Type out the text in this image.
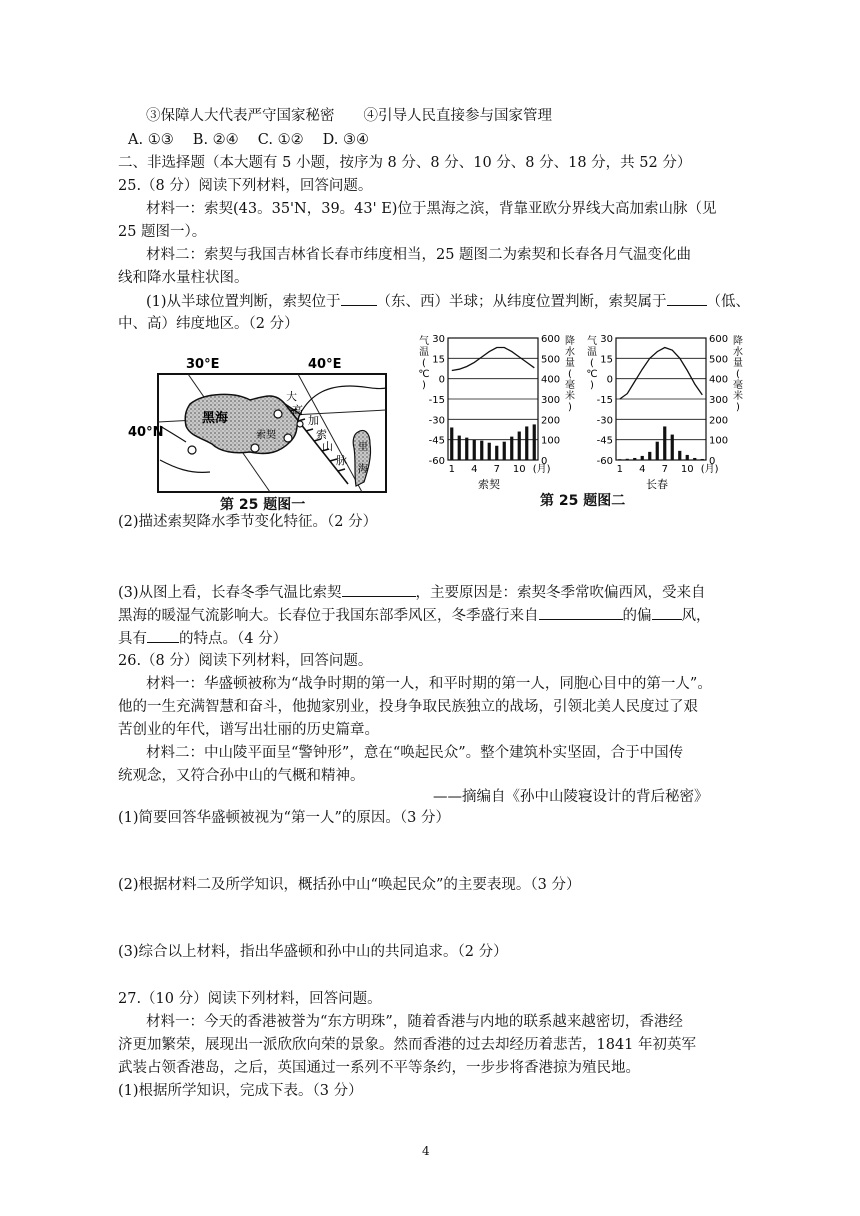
③保障人大代表严守国家秘密　　④引导人民直接参与国家管理
A. ①③　 B. ②④　 C. ①②　 D. ③④
二、非选择题（本大题有 5 小题，按序为 8 分、8 分、10 分、8 分、18 分，共 52 分）
25.（8 分）阅读下列材料，回答问题。
材料一：索契(43。35'N，39。43' E)位于黑海之滨，背靠亚欧分界线大高加索山脉（见
25 题图一）。
材料二：索契与我国吉林省长春市纬度相当，25 题图二为索契和长春各月气温变化曲
线和降水量柱状图。
(1)从半球位置判断，索契位于 （东、西）半球；从纬度位置判断，索契属于	（低、
中、高）纬度地区。（2 分）
30°E	40°E
40°N
黑海
索契
大
高
加
索
山
脉
里
海
第 25 题图一
30
15
0
-15
-30
-45
-60
600
500
400
300
200
100
0
气
温
(
℃
)
降
水
量
(
毫
米
)
1 4 7 10 (月)
索契
30
15
0
-15
-30
-45
-60
600
500
400
300
200
100
0
气
温
(
℃
)
降
水
量
(
毫
米
)
1 4 7 10 (月)
长春
第 25 题图二
(2)描述索契降水季节变化特征。（2 分）
(3)从图上看，长春冬季气温比索契	，主要原因是：索契冬季常吹偏西风，受来自
黑海的暖湿气流影响大。长春位于我国东部季风区，冬季盛行来自	的偏 风，
具有 的特点。（4 分）
26.（8 分）阅读下列材料，回答问题。
材料一：华盛顿被称为“战争时期的第一人，和平时期的第一人，同胞心目中的第一人”。
他的一生充满智慧和奋斗，他抛家别业，投身争取民族独立的战场，引领北美人民度过了艰
苦创业的年代，谱写出壮丽的历史篇章。
材料二：中山陵平面呈“警钟形”，意在“唤起民众”。整个建筑朴实坚固，合于中国传
统观念，又符合孙中山的气概和精神。
——摘编自《孙中山陵寝设计的背后秘密》
(1)简要回答华盛顿被视为“第一人”的原因。（3 分）
(2)根据材料二及所学知识，概括孙中山“唤起民众”的主要表现。（3 分）
(3)综合以上材料，指出华盛顿和孙中山的共同追求。（2 分）
27.（10 分）阅读下列材料，回答问题。
材料一：今天的香港被誉为“东方明珠”，随着香港与内地的联系越来越密切，香港经
济更加繁荣，展现出一派欣欣向荣的景象。然而香港的过去却经历着悲苦，1841 年初英军
武装占领香港岛，之后，英国通过一系列不平等条约，一步步将香港掠为殖民地。
(1)根据所学知识，完成下表。（3 分）
4
